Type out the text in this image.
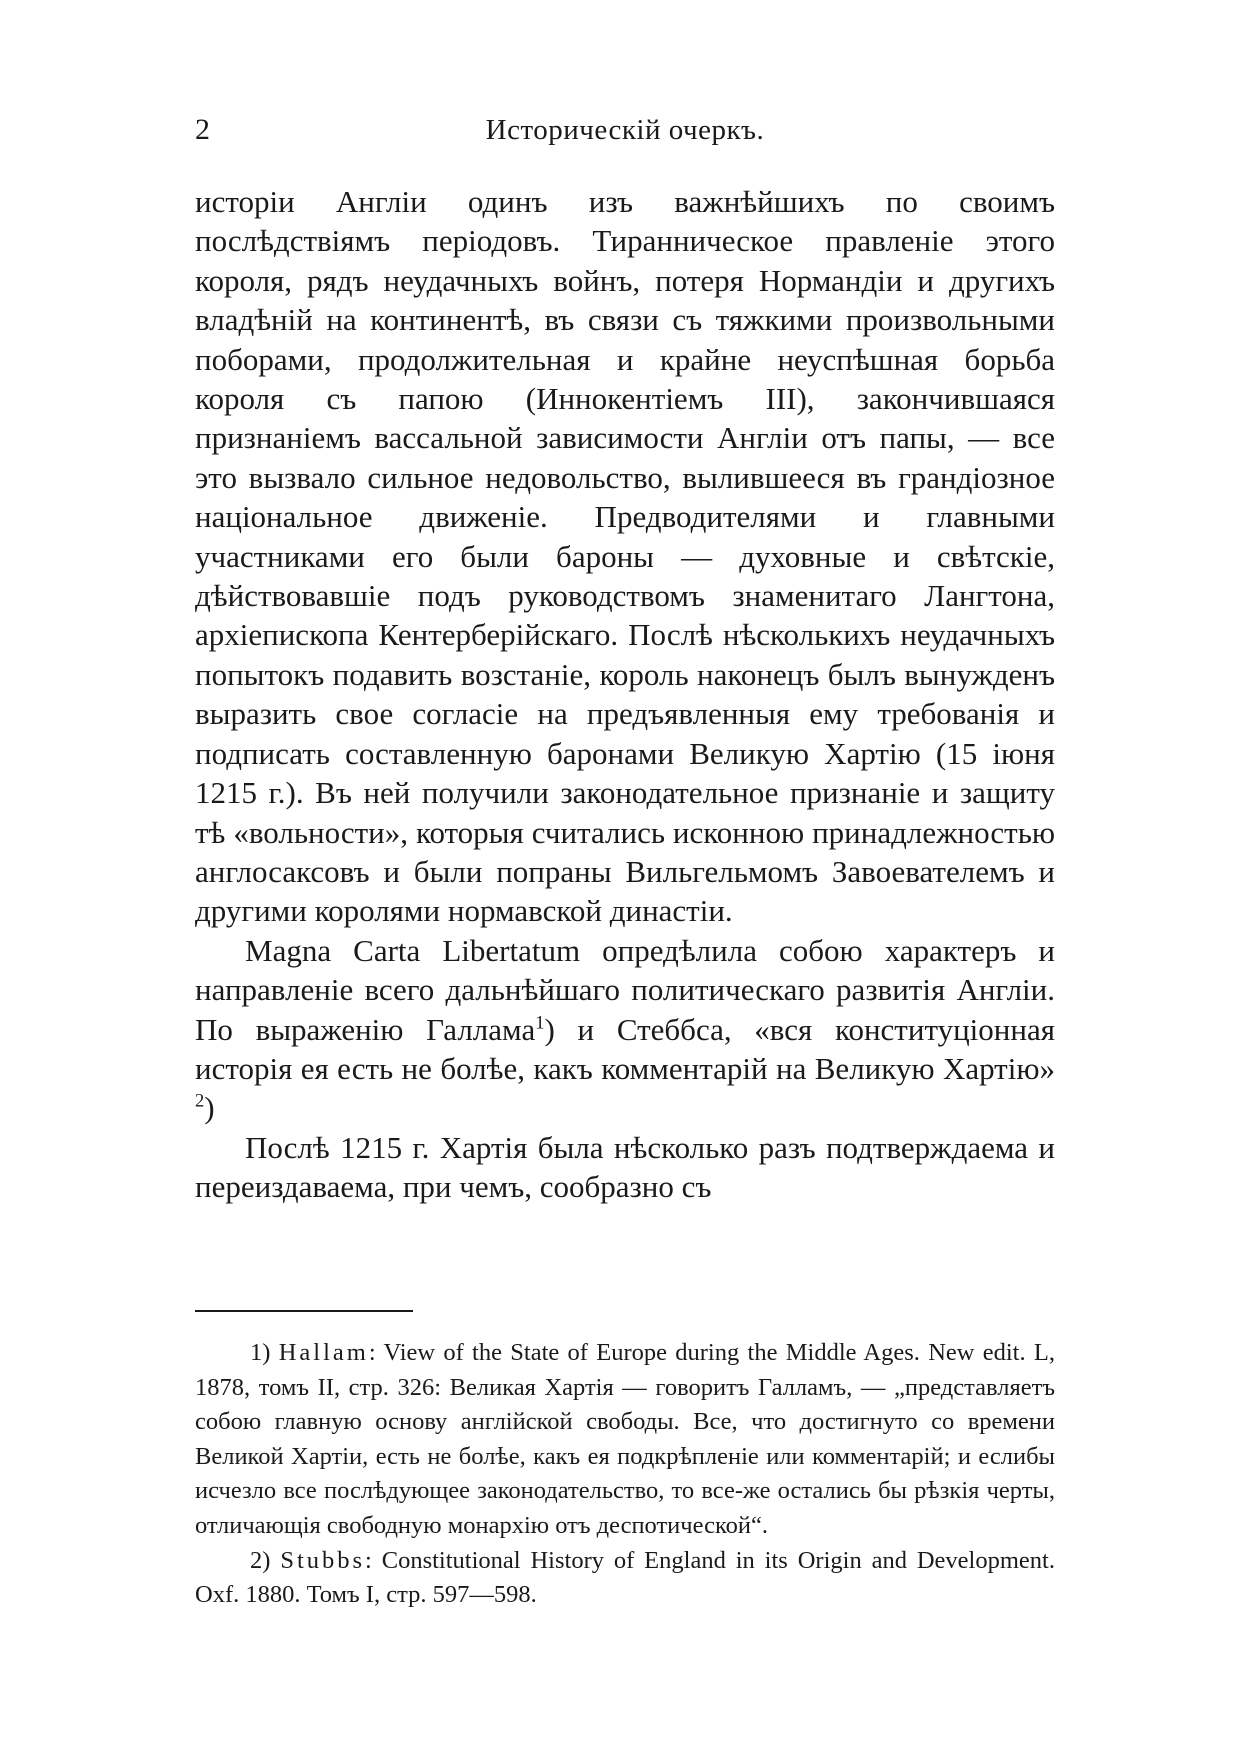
2	Историческій очеркъ.

исторіи Англіи одинъ изъ важнѣйшихъ по своимъ послѣдствіямъ періодовъ. Тиранническое правленіе этого короля, рядъ неудачныхъ войнъ, потеря Нормандіи и другихъ владѣній на континентѣ, въ связи съ тяжкими произвольными поборами, продолжительная и крайне неуспѣшная борьба короля съ папою (Иннокентіемъ III), закончившаяся признаніемъ вассальной зависимости Англіи отъ папы, — все это вызвало сильное недовольство, вылившееся въ грандіозное національное движеніе. Предводителями и главными участниками его были бароны — духовные и свѣтскіе, дѣйствовавшіе подъ руководствомъ знаменитаго Лангтона, архіепископа Кентерберійскаго. Послѣ нѣсколькихъ неудачныхъ попытокъ подавить возстаніе, король наконецъ былъ вынужденъ выразить свое согласіе на предъявленныя ему требованія и подписать составленную баронами Великую Хартію (15 іюня 1215 г.). Въ ней получили законодательное признаніе и защиту тѣ «вольности», которыя считались исконною принадлежностью англосаксовъ и были попраны Вильгельмомъ Завоевателемъ и другими королями нормавской династіи.

Magna Carta Libertatum опредѣлила собою характеръ и направленіе всего дальнѣйшаго политическаго развитія Англіи. По выраженію Галлама$^1$) и Стеббса, «вся конституціонная исторія ея есть не болѣе, какъ комментарій на Великую Хартію» $^2$)

Послѣ 1215 г. Хартія была нѣсколько разъ подтверждаема и переиздаваема, при чемъ, сообразно съ

1) Hallam: View of the State of Europe during the Middle Ages. New edit. L, 1878, томъ II, стр. 326: Великая Хартія — говоритъ Галламъ, — „представляетъ собою главную основу англійской свободы. Все, что достигнуто со времени Великой Хартіи, есть не болѣе, какъ ея подкрѣпленіе или комментарій; и еслибы исчезло все послѣдующее законодательство, то все-же остались бы рѣзкія черты, отличающія свободную монархію отъ деспотической“.

2) Stubbs: Constitutional History of England in its Origin and Development. Oxf. 1880. Томъ I, стр. 597—598.
